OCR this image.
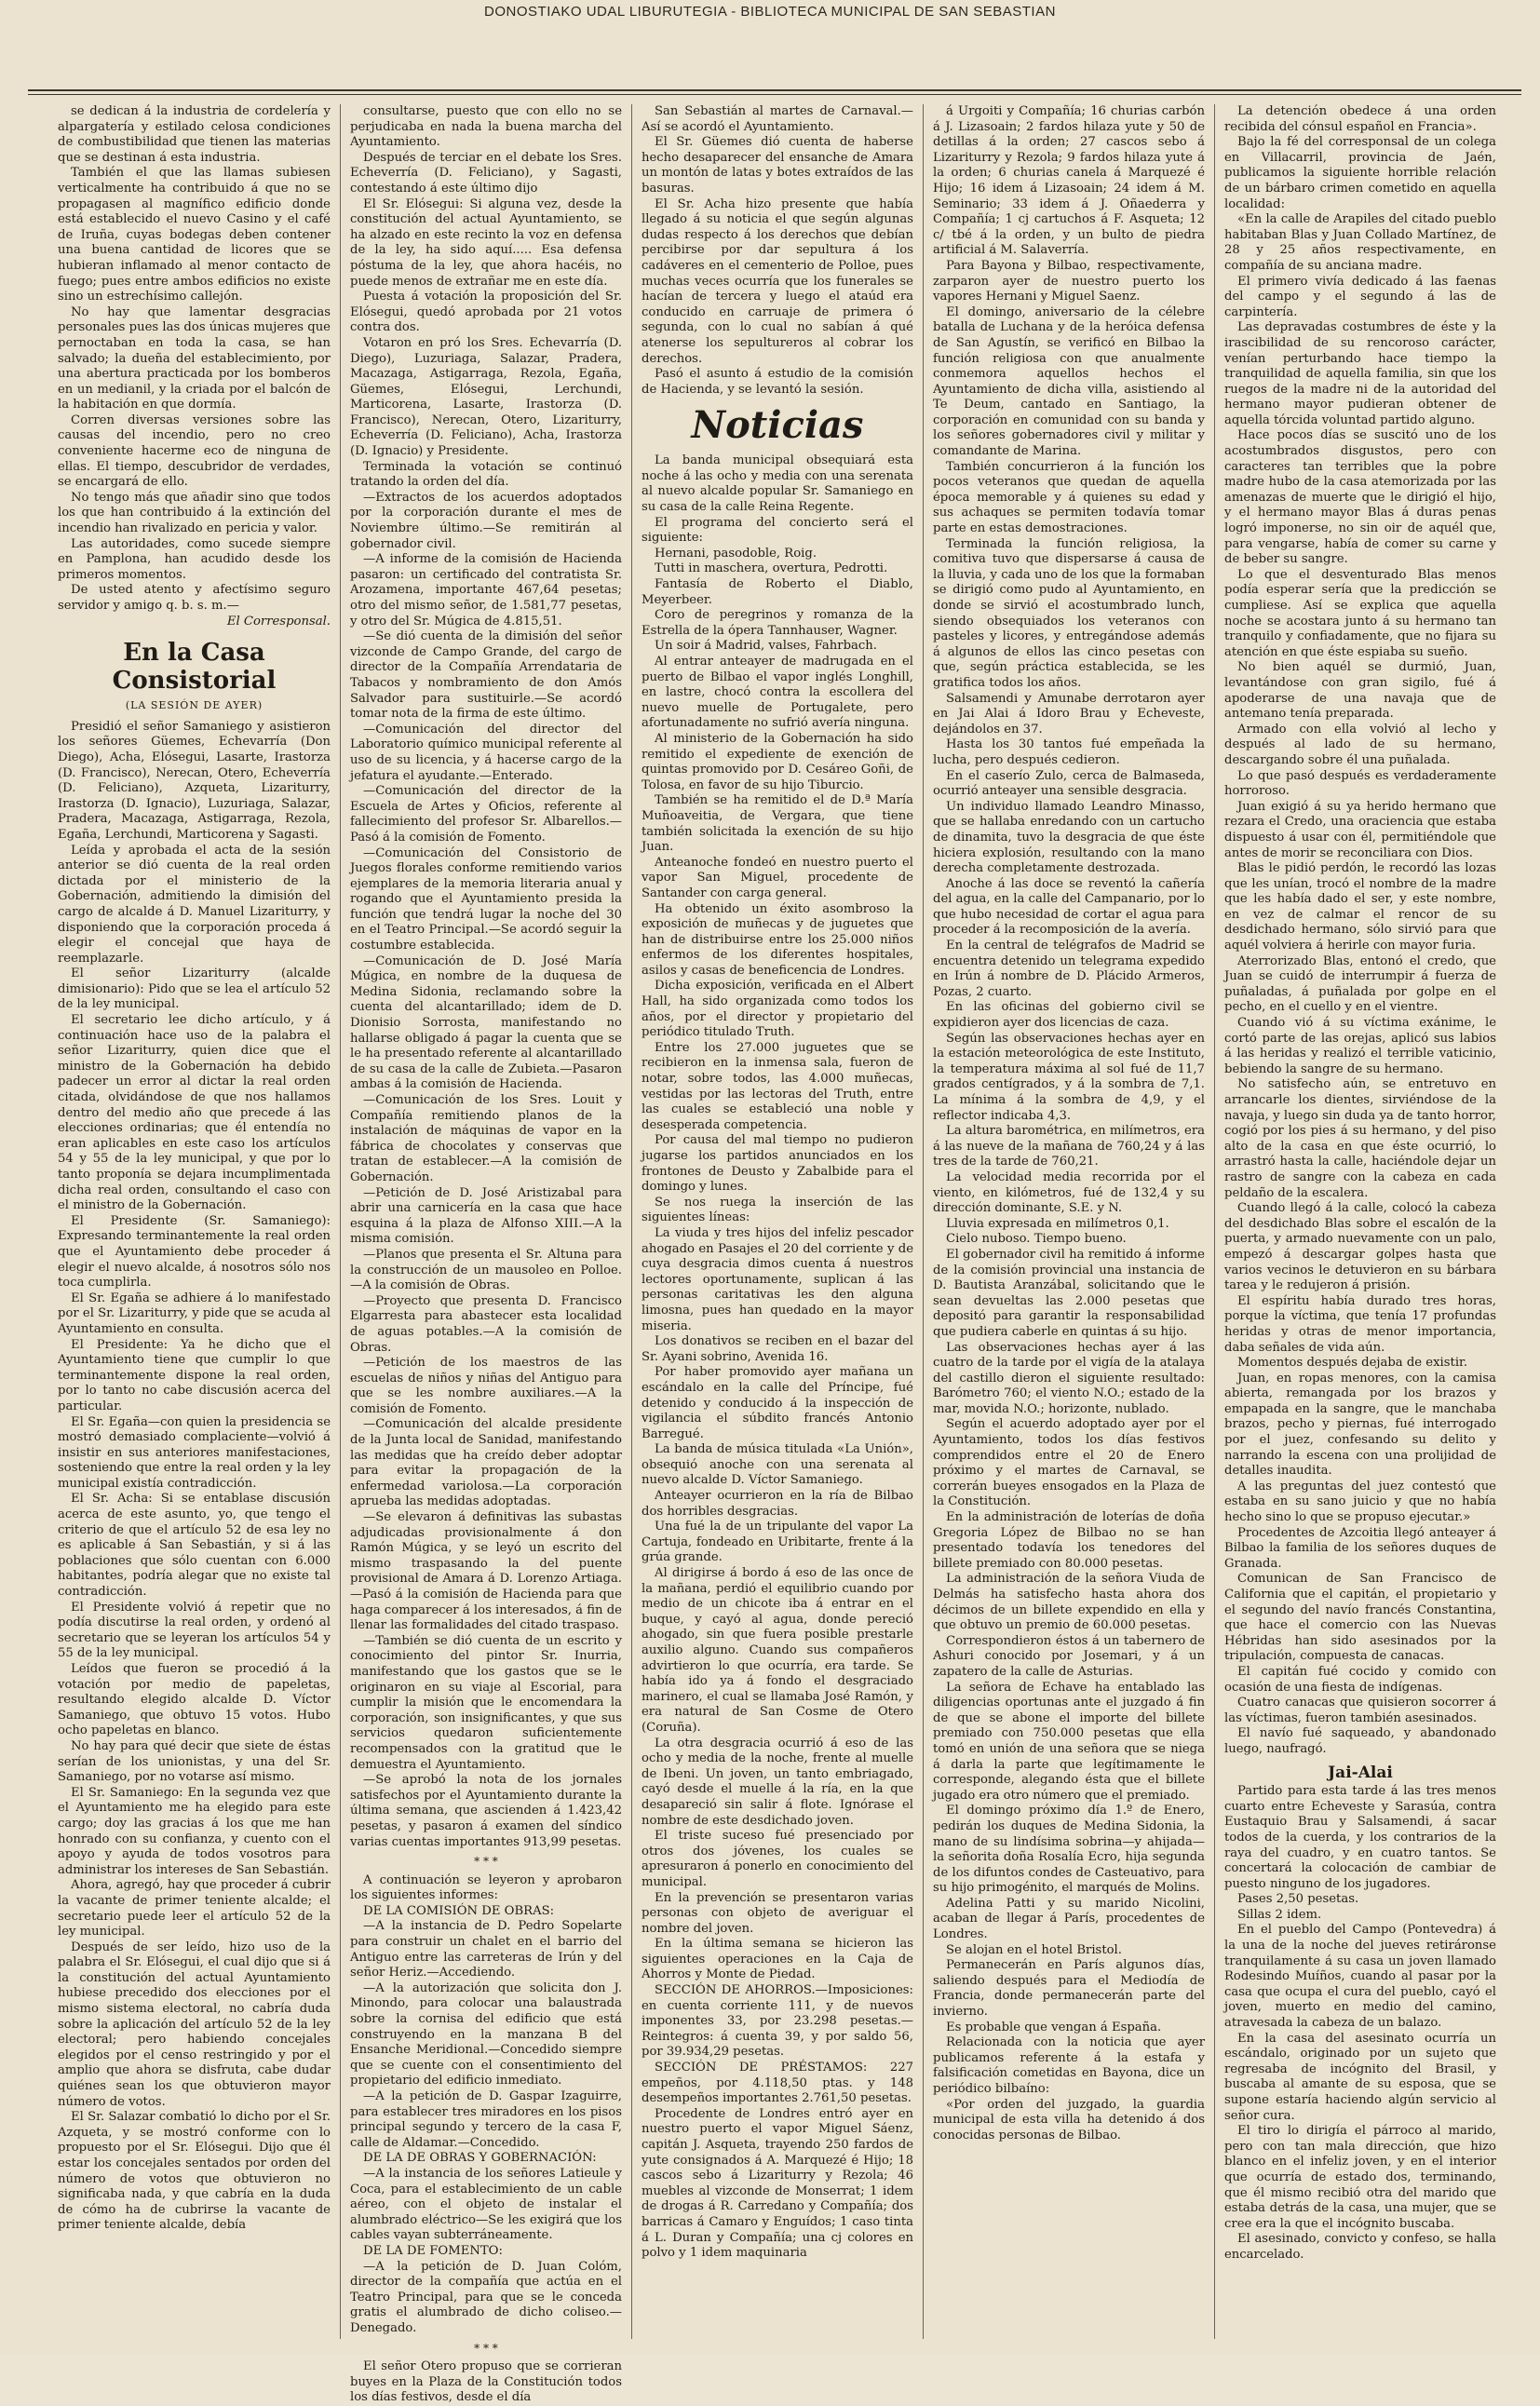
DONOSTIAKO UDAL LIBURUTEGIA - BIBLIOTECA MUNICIPAL DE SAN SEBASTIAN

se dedican á la industria de cordelería y alpargatería y estilado celosa condiciones de combustibilidad que tienen las materias que se destinan á esta industria.

También el que las llamas subiesen verticalmente ha contribuido á que no se propagasen al magnífico edificio donde está establecido el nuevo Casino y el café de Iruña, cuyas bodegas deben contener una buena cantidad de licores que se hubieran inflamado al menor contacto de fuego; pues entre ambos edificios no existe sino un estrechísimo callejón.

No hay que lamentar desgracias personales pues las dos únicas mujeres que pernoctaban en toda la casa, se han salvado; la dueña del establecimiento, por una abertura practicada por los bomberos en un medianil, y la criada por el balcón de la habitación en que dormía.

Corren diversas versiones sobre las causas del incendio, pero no creo conveniente hacerme eco de ninguna de ellas. El tiempo, descubridor de verdades, se encargará de ello.

No tengo más que añadir sino que todos los que han contribuido á la extinción del incendio han rivalizado en pericia y valor.

Las autoridades, como sucede siempre en Pamplona, han acudido desde los primeros momentos.

De usted atento y afectísimo seguro servidor y amigo q. b. s. m.—

El Corresponsal.
En la Casa Consistorial
(LA SESIÓN DE AYER)

Presidió el señor Samaniego y asistieron los señores Güemes, Echevarría (Don Diego), Acha, Elósegui, Lasarte, Irastorza (D. Francisco), Nerecan, Otero, Echeverría (D. Feliciano), Azqueta, Lizariturry, Irastorza (D. Ignacio), Luzuriaga, Salazar, Pradera, Macazaga, Astigarraga, Rezola, Egaña, Lerchundi, Marticorena y Sagasti.

Leída y aprobada el acta de la sesión anterior se dió cuenta de la real orden dictada por el ministerio de la Gobernación, admitiendo la dimisión del cargo de alcalde á D. Manuel Lizariturry, y disponiendo que la corporación proceda á elegir el concejal que haya de reemplazarle.

El señor Lizariturry (alcalde dimisionario): Pido que se lea el artículo 52 de la ley municipal.

El secretario lee dicho artículo, y á continuación hace uso de la palabra el señor Lizariturry, quien dice que el ministro de la Gobernación ha debido padecer un error al dictar la real orden citada, olvidándose de que nos hallamos dentro del medio año que precede á las elecciones ordinarias; que él entendía no eran aplicables en este caso los artículos 54 y 55 de la ley municipal, y que por lo tanto proponía se dejara incumplimentada dicha real orden, consultando el caso con el ministro de la Gobernación.

El Presidente (Sr. Samaniego): Expresando terminantemente la real orden que el Ayuntamiento debe proceder á elegir el nuevo alcalde, á nosotros sólo nos toca cumplirla.

El Sr. Egaña se adhiere á lo manifestado por el Sr. Lizariturry, y pide que se acuda al Ayuntamiento en consulta.

El Presidente: Ya he dicho que el Ayuntamiento tiene que cumplir lo que terminantemente dispone la real orden, por lo tanto no cabe discusión acerca del particular.

El Sr. Egaña—con quien la presidencia se mostró demasiado complaciente—volvió á insistir en sus anteriores manifestaciones, sosteniendo que entre la real orden y la ley municipal existía contradicción.

El Sr. Acha: Si se entablase discusión acerca de este asunto, yo, que tengo el criterio de que el artículo 52 de esa ley no es aplicable á San Sebastián, y si á las poblaciones que sólo cuentan con 6.000 habitantes, podría alegar que no existe tal contradicción.

El Presidente volvió á repetir que no podía discutirse la real orden, y ordenó al secretario que se leyeran los artículos 54 y 55 de la ley municipal.

Leídos que fueron se procedió á la votación por medio de papeletas, resultando elegido alcalde D. Víctor Samaniego, que obtuvo 15 votos. Hubo ocho papeletas en blanco.

No hay para qué decir que siete de éstas serían de los unionistas, y una del Sr. Samaniego, por no votarse así mismo.

El Sr. Samaniego: En la segunda vez que el Ayuntamiento me ha elegido para este cargo; doy las gracias á los que me han honrado con su confianza, y cuento con el apoyo y ayuda de todos vosotros para administrar los intereses de San Sebastián.

Ahora, agregó, hay que proceder á cubrir la vacante de primer teniente alcalde; el secretario puede leer el artículo 52 de la ley municipal.

Después de ser leído, hizo uso de la palabra el Sr. Elósegui, el cual dijo que si á la constitución del actual Ayuntamiento hubiese precedido dos elecciones por el mismo sistema electoral, no cabría duda sobre la aplicación del artículo 52 de la ley electoral; pero habiendo concejales elegidos por el censo restringido y por el amplio que ahora se disfruta, cabe dudar quiénes sean los que obtuvieron mayor número de votos.

El Sr. Salazar combatió lo dicho por el Sr. Azqueta, y se mostró conforme con lo propuesto por el Sr. Elósegui. Dijo que él estar los concejales sentados por orden del número de votos que obtuvieron no significaba nada, y que cabría en la duda de cómo ha de cubrirse la vacante de primer teniente alcalde, debía

consultarse, puesto que con ello no se perjudicaba en nada la buena marcha del Ayuntamiento.

Después de terciar en el debate los Sres. Echeverría (D. Feliciano), y Sagasti, contestando á este último dijo

El Sr. Elósegui: Si alguna vez, desde la constitución del actual Ayuntamiento, se ha alzado en este recinto la voz en defensa de la ley, ha sido aquí..... Esa defensa póstuma de la ley, que ahora hacéis, no puede menos de extrañar me en este día.

Puesta á votación la proposición del Sr. Elósegui, quedó aprobada por 21 votos contra dos.

Votaron en pró los Sres. Echevarría (D. Diego), Luzuriaga, Salazar, Pradera, Macazaga, Astigarraga, Rezola, Egaña, Güemes, Elósegui, Lerchundi, Marticorena, Lasarte, Irastorza (D. Francisco), Nerecan, Otero, Lizariturry, Echeverría (D. Feliciano), Acha, Irastorza (D. Ignacio) y Presidente.

Terminada la votación se continuó tratando la orden del día.

—Extractos de los acuerdos adoptados por la corporación durante el mes de Noviembre último.—Se remitirán al gobernador civil.

—A informe de la comisión de Hacienda pasaron: un certificado del contratista Sr. Arozamena, importante 467,64 pesetas; otro del mismo señor, de 1.581,77 pesetas, y otro del Sr. Múgica de 4.815,51.

—Se dió cuenta de la dimisión del señor vizconde de Campo Grande, del cargo de director de la Compañía Arrendataria de Tabacos y nombramiento de don Amós Salvador para sustituirle.—Se acordó tomar nota de la firma de este último.

—Comunicación del director del Laboratorio químico municipal referente al uso de su licencia, y á hacerse cargo de la jefatura el ayudante.—Enterado.

—Comunicación del director de la Escuela de Artes y Oficios, referente al fallecimiento del profesor Sr. Albarellos.—Pasó á la comisión de Fomento.

—Comunicación del Consistorio de Juegos florales conforme remitiendo varios ejemplares de la memoria literaria anual y rogando que el Ayuntamiento presida la función que tendrá lugar la noche del 30 en el Teatro Principal.—Se acordó seguir la costumbre establecida.

—Comunicación de D. José María Múgica, en nombre de la duquesa de Medina Sidonia, reclamando sobre la cuenta del alcantarillado; idem de D. Dionisio Sorrosta, manifestando no hallarse obligado á pagar la cuenta que se le ha presentado referente al alcantarillado de su casa de la calle de Zubieta.—Pasaron ambas á la comisión de Hacienda.

—Comunicación de los Sres. Louit y Compañía remitiendo planos de la instalación de máquinas de vapor en la fábrica de chocolates y conservas que tratan de establecer.—A la comisión de Gobernación.

—Petición de D. José Aristizabal para abrir una carnicería en la casa que hace esquina á la plaza de Alfonso XIII.—A la misma comisión.

—Planos que presenta el Sr. Altuna para la construcción de un mausoleo en Polloe.—A la comisión de Obras.

—Proyecto que presenta D. Francisco Elgarresta para abastecer esta localidad de aguas potables.—A la comisión de Obras.

—Petición de los maestros de las escuelas de niños y niñas del Antiguo para que se les nombre auxiliares.—A la comisión de Fomento.

—Comunicación del alcalde presidente de la Junta local de Sanidad, manifestando las medidas que ha creído deber adoptar para evitar la propagación de la enfermedad variolosa.—La corporación aprueba las medidas adoptadas.

—Se elevaron á definitivas las subastas adjudicadas provisionalmente á don Ramón Múgica, y se leyó un escrito del mismo traspasando la del puente provisional de Amara á D. Lorenzo Artiaga.—Pasó á la comisión de Hacienda para que haga comparecer á los interesados, á fin de llenar las formalidades del citado traspaso.

—También se dió cuenta de un escrito y conocimiento del pintor Sr. Inurria, manifestando que los gastos que se le originaron en su viaje al Escorial, para cumplir la misión que le encomendara la corporación, son insignificantes, y que sus servicios quedaron suficientemente recompensados con la gratitud que le demuestra el Ayuntamiento.

—Se aprobó la nota de los jornales satisfechos por el Ayuntamiento durante la última semana, que ascienden á 1.423,42 pesetas, y pasaron á examen del síndico varias cuentas importantes 913,99 pesetas.

* * *

A continuación se leyeron y aprobaron los siguientes informes:

DE LA COMISIÓN DE OBRAS:

—A la instancia de D. Pedro Sopelarte para construir un chalet en el barrio del Antiguo entre las carreteras de Irún y del señor Heriz.—Accediendo.

—A la autorización que solicita don J. Minondo, para colocar una balaustrada sobre la cornisa del edificio que está construyendo en la manzana B del Ensanche Meridional.—Concedido siempre que se cuente con el consentimiento del propietario del edificio inmediato.

—A la petición de D. Gaspar Izaguirre, para establecer tres miradores en los pisos principal segundo y tercero de la casa F, calle de Aldamar.—Concedido.

DE LA DE OBRAS Y GOBERNACIÓN:

—A la instancia de los señores Latieule y Coca, para el establecimiento de un cable aéreo, con el objeto de instalar el alumbrado eléctrico—Se les exigirá que los cables vayan subterráneamente.

DE LA DE FOMENTO:

—A la petición de D. Juan Colóm, director de la compañía que actúa en el Teatro Principal, para que se le conceda gratis el alumbrado de dicho coliseo.—Denegado.

* * *

El señor Otero propuso que se corrieran buyes en la Plaza de la Constitución todos los días festivos, desde el día

San Sebastián al martes de Carnaval.—Así se acordó el Ayuntamiento.

El Sr. Güemes dió cuenta de haberse hecho desaparecer del ensanche de Amara un montón de latas y botes extraídos de las basuras.

El Sr. Acha hizo presente que había llegado á su noticia el que según algunas dudas respecto á los derechos que debían percibirse por dar sepultura á los cadáveres en el cementerio de Polloe, pues muchas veces ocurría que los funerales se hacían de tercera y luego el ataúd era conducido en carruaje de primera ó segunda, con lo cual no sabían á qué atenerse los sepultureros al cobrar los derechos.

Pasó el asunto á estudio de la comisión de Hacienda, y se levantó la sesión.

Noticias

La banda municipal obsequiará esta noche á las ocho y media con una serenata al nuevo alcalde popular Sr. Samaniego en su casa de la calle Reina Regente.

El programa del concierto será el siguiente:

Hernani, pasodoble, Roig.

Tutti in maschera, overtura, Pedrotti.

Fantasía de Roberto el Diablo, Meyerbeer.

Coro de peregrinos y romanza de la Estrella de la ópera Tannhauser, Wagner.

Un soir á Madrid, valses, Fahrbach.

Al entrar anteayer de madrugada en el puerto de Bilbao el vapor inglés Longhill, en lastre, chocó contra la escollera del nuevo muelle de Portugalete, pero afortunadamente no sufrió avería ninguna.

Al ministerio de la Gobernación ha sido remitido el expediente de exención de quintas promovido por D. Cesáreo Goñi, de Tolosa, en favor de su hijo Tiburcio.

También se ha remitido el de D.ª María Muñoaveitia, de Vergara, que tiene también solicitada la exención de su hijo Juan.

Anteanoche fondeó en nuestro puerto el vapor San Miguel, procedente de Santander con carga general.

Ha obtenido un éxito asombroso la exposición de muñecas y de juguetes que han de distribuirse entre los 25.000 niños enfermos de los diferentes hospitales, asilos y casas de beneficencia de Londres.

Dicha exposición, verificada en el Albert Hall, ha sido organizada como todos los años, por el director y propietario del periódico titulado Truth.

Entre los 27.000 juguetes que se recibieron en la inmensa sala, fueron de notar, sobre todos, las 4.000 muñecas, vestidas por las lectoras del Truth, entre las cuales se estableció una noble y desesperada competencia.

Por causa del mal tiempo no pudieron jugarse los partidos anunciados en los frontones de Deusto y Zabalbide para el domingo y lunes.

Se nos ruega la inserción de las siguientes líneas:

La viuda y tres hijos del infeliz pescador ahogado en Pasajes el 20 del corriente y de cuya desgracia dimos cuenta á nuestros lectores oportunamente, suplican á las personas caritativas les den alguna limosna, pues han quedado en la mayor miseria.

Los donativos se reciben en el bazar del Sr. Ayani sobrino, Avenida 16.

Por haber promovido ayer mañana un escándalo en la calle del Príncipe, fué detenido y conducido á la inspección de vigilancia el súbdito francés Antonio Barregué.

La banda de música titulada «La Unión», obsequió anoche con una serenata al nuevo alcalde D. Víctor Samaniego.

Anteayer ocurrieron en la ría de Bilbao dos horribles desgracias.

Una fué la de un tripulante del vapor La Cartuja, fondeado en Uribitarte, frente á la grúa grande.

Al dirigirse á bordo á eso de las once de la mañana, perdió el equilibrio cuando por medio de un chicote iba á entrar en el buque, y cayó al agua, donde pereció ahogado, sin que fuera posible prestarle auxilio alguno. Cuando sus compañeros advirtieron lo que ocurría, era tarde. Se había ido ya á fondo el desgraciado marinero, el cual se llamaba José Ramón, y era natural de San Cosme de Otero (Coruña).

La otra desgracia ocurrió á eso de las ocho y media de la noche, frente al muelle de Ibeni. Un joven, un tanto embriagado, cayó desde el muelle á la ría, en la que desapareció sin salir á flote. Ignórase el nombre de este desdichado joven.

El triste suceso fué presenciado por otros dos jóvenes, los cuales se apresuraron á ponerlo en conocimiento del municipal.

En la prevención se presentaron varias personas con objeto de averiguar el nombre del joven.

En la última semana se hicieron las siguientes operaciones en la Caja de Ahorros y Monte de Piedad.

SECCIÓN DE AHORROS.—Imposiciones: en cuenta corriente 111, y de nuevos imponentes 33, por 23.298 pesetas.—Reintegros: á cuenta 39, y por saldo 56, por 39.934,29 pesetas.

SECCIÓN DE PRÉSTAMOS: 227 empeños, por 4.118,50 ptas. y 148 desempeños importantes 2.761,50 pesetas.

Procedente de Londres entró ayer en nuestro puerto el vapor Miguel Sáenz, capitán J. Asqueta, trayendo 250 fardos de yute consignados á A. Marquezé é Hijo; 18 cascos sebo á Lizariturry y Rezola; 46 muebles al vizconde de Monserrat; 1 idem de drogas á R. Carredano y Compañía; dos barricas á Camaro y Enguídos; 1 caso tinta á L. Duran y Compañía; una cj colores en polvo y 1 idem maquinaria

á Urgoiti y Compañía; 16 churias carbón á J. Lizasoain; 2 fardos hilaza yute y 50 de detillas á la orden; 27 cascos sebo á Lizariturry y Rezola; 9 fardos hilaza yute á la orden; 6 churias canela á Marquezé é Hijo; 16 idem á Lizasoain; 24 idem á M. Seminario; 33 idem á J. Oñaederra y Compañía; 1 cj cartuchos á F. Asqueta; 12 c/ tbé á la orden, y un bulto de piedra artificial á M. Salaverría.

Para Bayona y Bilbao, respectivamente, zarparon ayer de nuestro puerto los vapores Hernani y Miguel Saenz.

El domingo, aniversario de la célebre batalla de Luchana y de la heróica defensa de San Agustín, se verificó en Bilbao la función religiosa con que anualmente conmemora aquellos hechos el Ayuntamiento de dicha villa, asistiendo al Te Deum, cantado en Santiago, la corporación en comunidad con su banda y los señores gobernadores civil y militar y comandante de Marina.

También concurrieron á la función los pocos veteranos que quedan de aquella época memorable y á quienes su edad y sus achaques se permiten todavía tomar parte en estas demostraciones.

Terminada la función religiosa, la comitiva tuvo que dispersarse á causa de la lluvia, y cada uno de los que la formaban se dirigió como pudo al Ayuntamiento, en donde se sirvió el acostumbrado lunch, siendo obsequiados los veteranos con pasteles y licores, y entregándose además á algunos de ellos las cinco pesetas con que, según práctica establecida, se les gratifica todos los años.

Salsamendi y Amunabe derrotaron ayer en Jai Alai á Idoro Brau y Echeveste, dejándolos en 37.

Hasta los 30 tantos fué empeñada la lucha, pero después cedieron.

En el caserío Zulo, cerca de Balmaseda, ocurrió anteayer una sensible desgracia.

Un individuo llamado Leandro Minasso, que se hallaba enredando con un cartucho de dinamita, tuvo la desgracia de que éste hiciera explosión, resultando con la mano derecha completamente destrozada.

Anoche á las doce se reventó la cañería del agua, en la calle del Campanario, por lo que hubo necesidad de cortar el agua para proceder á la recomposición de la avería.

En la central de telégrafos de Madrid se encuentra detenido un telegrama expedido en Irún á nombre de D. Plácido Armeros, Pozas, 2 cuarto.

En las oficinas del gobierno civil se expidieron ayer dos licencias de caza.

Según las observaciones hechas ayer en la estación meteorológica de este Instituto, la temperatura máxima al sol fué de 11,7 grados centígrados, y á la sombra de 7,1. La mínima á la sombra de 4,9, y el reflector indicaba 4,3.

La altura barométrica, en milímetros, era á las nueve de la mañana de 760,24 y á las tres de la tarde de 760,21.

La velocidad media recorrida por el viento, en kilómetros, fué de 132,4 y su dirección dominante, S.E. y N.

Lluvia expresada en milímetros 0,1.

Cielo nuboso. Tiempo bueno.

El gobernador civil ha remitido á informe de la comisión provincial una instancia de D. Bautista Aranzábal, solicitando que le sean devueltas las 2.000 pesetas que depositó para garantir la responsabilidad que pudiera caberle en quintas á su hijo.

Las observaciones hechas ayer á las cuatro de la tarde por el vigía de la atalaya del castillo dieron el siguiente resultado: Barómetro 760; el viento N.O.; estado de la mar, movida N.O.; horizonte, nublado.

Según el acuerdo adoptado ayer por el Ayuntamiento, todos los días festivos comprendidos entre el 20 de Enero próximo y el martes de Carnaval, se correrán bueyes ensogados en la Plaza de la Constitución.

En la administración de loterías de doña Gregoria López de Bilbao no se han presentado todavía los tenedores del billete premiado con 80.000 pesetas.

La administración de la señora Viuda de Delmás ha satisfecho hasta ahora dos décimos de un billete expendido en ella y que obtuvo un premio de 60.000 pesetas.

Correspondieron éstos á un tabernero de Ashuri conocido por Josemari, y á un zapatero de la calle de Asturias.

La señora de Echave ha entablado las diligencias oportunas ante el juzgado á fin de que se abone el importe del billete premiado con 750.000 pesetas que ella tomó en unión de una señora que se niega á darla la parte que legítimamente le corresponde, alegando ésta que el billete jugado era otro número que el premiado.

El domingo próximo día 1.º de Enero, pedirán los duques de Medina Sidonia, la mano de su lindísima sobrina—y ahijada—la señorita doña Rosalía Ecro, hija segunda de los difuntos condes de Casteuativo, para su hijo primogénito, el marqués de Molins.

Adelina Patti y su marido Nicolini, acaban de llegar á París, procedentes de Londres.

Se alojan en el hotel Bristol.

Permanecerán en París algunos días, saliendo después para el Mediodía de Francia, donde permanecerán parte del invierno.

Es probable que vengan á España.

Relacionada con la noticia que ayer publicamos referente á la estafa y falsificación cometidas en Bayona, dice un periódico bilbaíno:

«Por orden del juzgado, la guardia municipal de esta villa ha detenido á dos conocidas personas de Bilbao.

La detención obedece á una orden recibida del cónsul español en Francia».

Bajo la fé del corresponsal de un colega en Villacarril, provincia de Jaén, publicamos la siguiente horrible relación de un bárbaro crimen cometido en aquella localidad:

«En la calle de Arapiles del citado pueblo habitaban Blas y Juan Collado Martínez, de 28 y 25 años respectivamente, en compañía de su anciana madre.

El primero vivía dedicado á las faenas del campo y el segundo á las de carpintería.

Las depravadas costumbres de éste y la irascibilidad de su rencoroso carácter, venían perturbando hace tiempo la tranquilidad de aquella familia, sin que los ruegos de la madre ni de la autoridad del hermano mayor pudieran obtener de aquella tórcida voluntad partido alguno.

Hace pocos días se suscitó uno de los acostumbrados disgustos, pero con caracteres tan terribles que la pobre madre hubo de la casa atemorizada por las amenazas de muerte que le dirigió el hijo, y el hermano mayor Blas á duras penas logró imponerse, no sin oir de aquél que, para vengarse, había de comer su carne y de beber su sangre.

Lo que el desventurado Blas menos podía esperar sería que la predicción se cumpliese. Así se explica que aquella noche se acostara junto á su hermano tan tranquilo y confiadamente, que no fijara su atención en que éste espiaba su sueño.

No bien aquél se durmió, Juan, levantándose con gran sigilo, fué á apoderarse de una navaja que de antemano tenía preparada.

Armado con ella volvió al lecho y después al lado de su hermano, descargando sobre él una puñalada.

Lo que pasó después es verdaderamente horroroso.

Juan exigió á su ya herido hermano que rezara el Credo, una oraciencia que estaba dispuesto á usar con él, permitiéndole que antes de morir se reconciliara con Dios.

Blas le pidió perdón, le recordó las lozas que les unían, trocó el nombre de la madre que les había dado el ser, y este nombre, en vez de calmar el rencor de su desdichado hermano, sólo sirvió para que aquél volviera á herirle con mayor furia.

Aterrorizado Blas, entonó el credo, que Juan se cuidó de interrumpir á fuerza de puñaladas, á puñalada por golpe en el pecho, en el cuello y en el vientre.

Cuando vió á su víctima exánime, le cortó parte de las orejas, aplicó sus labios á las heridas y realizó el terrible vaticinio, bebiendo la sangre de su hermano.

No satisfecho aún, se entretuvo en arrancarle los dientes, sirviéndose de la navaja, y luego sin duda ya de tanto horror, cogió por los pies á su hermano, y del piso alto de la casa en que éste ocurrió, lo arrastró hasta la calle, haciéndole dejar un rastro de sangre con la cabeza en cada peldaño de la escalera.

Cuando llegó á la calle, colocó la cabeza del desdichado Blas sobre el escalón de la puerta, y armado nuevamente con un palo, empezó á descargar golpes hasta que varios vecinos le detuvieron en su bárbara tarea y le redujeron á prisión.

El espíritu había durado tres horas, porque la víctima, que tenía 17 profundas heridas y otras de menor importancia, daba señales de vida aún.

Momentos después dejaba de existir.

Juan, en ropas menores, con la camisa abierta, remangada por los brazos y empapada en la sangre, que le manchaba brazos, pecho y piernas, fué interrogado por el juez, confesando su delito y narrando la escena con una prolijidad de detalles inaudita.

A las preguntas del juez contestó que estaba en su sano juicio y que no había hecho sino lo que se propuso ejecutar.»

Procedentes de Azcoitia llegó anteayer á Bilbao la familia de los señores duques de Granada.

Comunican de San Francisco de California que el capitán, el propietario y el segundo del navío francés Constantina, que hace el comercio con las Nuevas Hébridas han sido asesinados por la tripulación, compuesta de canacas.

El capitán fué cocido y comido con ocasión de una fiesta de indígenas.

Cuatro canacas que quisieron socorrer á las víctimas, fueron también asesinados.

El navío fué saqueado, y abandonado luego, naufragó.

Jai-Alai

Partido para esta tarde á las tres menos cuarto entre Echeveste y Sarasúa, contra Eustaquio Brau y Salsamendi, á sacar todos de la cuerda, y los contrarios de la raya del cuadro, y en cuatro tantos. Se concertará la colocación de cambiar de puesto ninguno de los jugadores.

Pases 2,50 pesetas.

Sillas 2 idem.

En el pueblo del Campo (Pontevedra) á la una de la noche del jueves retiráronse tranquilamente á su casa un joven llamado Rodesindo Muíños, cuando al pasar por la casa que ocupa el cura del pueblo, cayó el joven, muerto en medio del camino, atravesada la cabeza de un balazo.

En la casa del asesinato ocurría un escándalo, originado por un sujeto que regresaba de incógnito del Brasil, y buscaba al amante de su esposa, que se supone estaría haciendo algún servicio al señor cura.

El tiro lo dirigía el párroco al marido, pero con tan mala dirección, que hizo blanco en el infeliz joven, y en el interior que ocurría de estado dos, terminando, que él mismo recibió otra del marido que estaba detrás de la casa, una mujer, que se cree era la que el incógnito buscaba.

El asesinado, convicto y confeso, se halla encarcelado.
